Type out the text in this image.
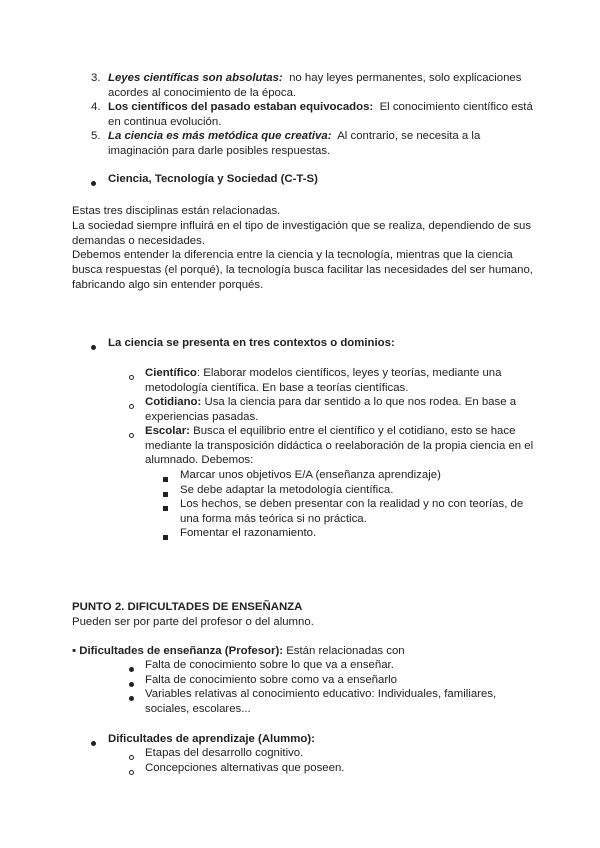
3. Leyes científicas son absolutas: no hay leyes permanentes, solo explicaciones
acordes al conocimiento de la época.
4. Los científicos del pasado estaban equivocados: El conocimiento científico está
en continua evolución.
5. La ciencia es más metódica que creativa: Al contrario, se necesita a la
imaginación para darle posibles respuestas.
Ciencia, Tecnología y Sociedad (C-T-S)
Estas tres disciplinas están relacionadas.
La sociedad siempre influirá en el tipo de investigación que se realiza, dependiendo de sus
demandas o necesidades.
Debemos entender la diferencia entre la ciencia y la tecnología, mientras que la ciencia
busca respuestas (el porqué), la tecnología busca facilitar las necesidades del ser humano,
fabricando algo sin entender porqués.
La ciencia se presenta en tres contextos o dominios:
Científico: Elaborar modelos científicos, leyes y teorías, mediante una
metodología científica. En base a teorías científicas.
Cotidiano: Usa la ciencia para dar sentido a lo que nos rodea. En base a
experiencias pasadas.
Escolar: Busca el equilibrio entre el científico y el cotidiano, esto se hace
mediante la transposición didáctica o reelaboración de la propia ciencia en el
alumnado. Debemos:
Marcar unos objetivos E/A (enseñanza aprendizaje)
Se debe adaptar la metodología científica.
Los hechos, se deben presentar con la realidad y no con teorías, de
una forma más teórica si no práctica.
Fomentar el razonamiento.
PUNTO 2. DIFICULTADES DE ENSEÑANZA
Pueden ser por parte del profesor o del alumno.
▪ Dificultades de enseñanza (Profesor): Están relacionadas con
Falta de conocimiento sobre lo que va a enseñar.
Falta de conocimiento sobre como va a enseñarlo
Variables relativas al conocimiento educativo: Individuales, familiares,
sociales, escolares...
Dificultades de aprendizaje (Alummo):
Etapas del desarrollo cognitivo.
Concepciones alternativas que poseen.
